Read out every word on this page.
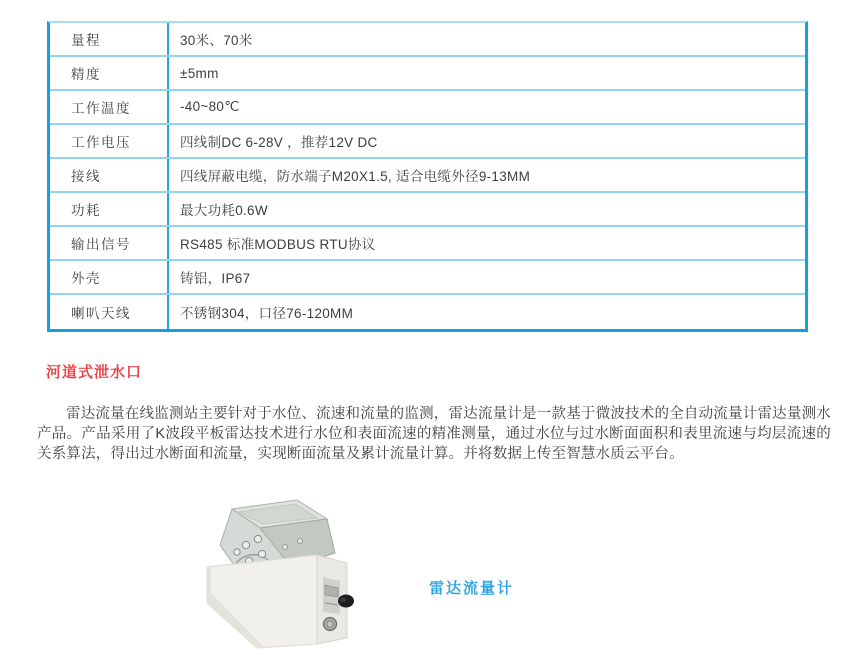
量程	30米、70米
精度	±5mm
工作温度	-40~80℃
工作电压	四线制DC 6-28V ，推荐12V DC
接线	四线屏蔽电缆，防水端子M20X1.5, 适合电缆外径9-13MM
功耗	最大功耗0.6W
输出信号	RS485 标准MODBUS RTU协议
外壳	铸铝，IP67
喇叭天线	不锈钢304，口径76-120MM
河道式泄水口
雷达流量在线监测站主要针对于水位、流速和流量的监测，雷达流量计是一款基于微波技术的全自动流量计雷达量测水产品。产品采用了K波段平板雷达技术进行水位和表面流速的精准测量，通过水位与过水断面面积和表里流速与均层流速的关系算法，得出过水断面和流量，实现断面流量及累计流量计算。并将数据上传至智慧水质云平台。
雷达流量计
